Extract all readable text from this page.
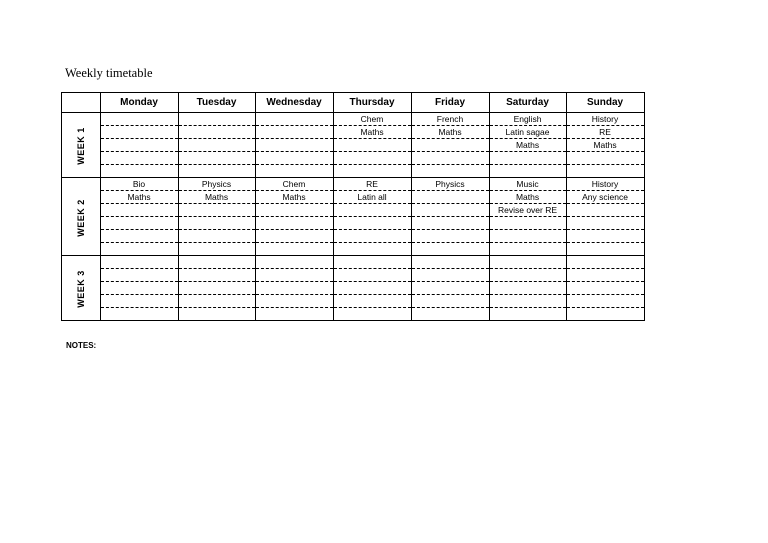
Weekly timetable
	Monday	Tuesday	Wednesday	Thursday	Friday	Saturday	Sunday
WEEK 1				Chem	French	English	History
				Maths	Maths	Latin sagae	RE
						Maths	Maths

WEEK 2	Bio	Physics	Chem	RE	Physics	Music	History
	Maths	Maths	Maths	Latin all		Maths	Any science
						Revise over RE	

WEEK 3							

NOTES:
